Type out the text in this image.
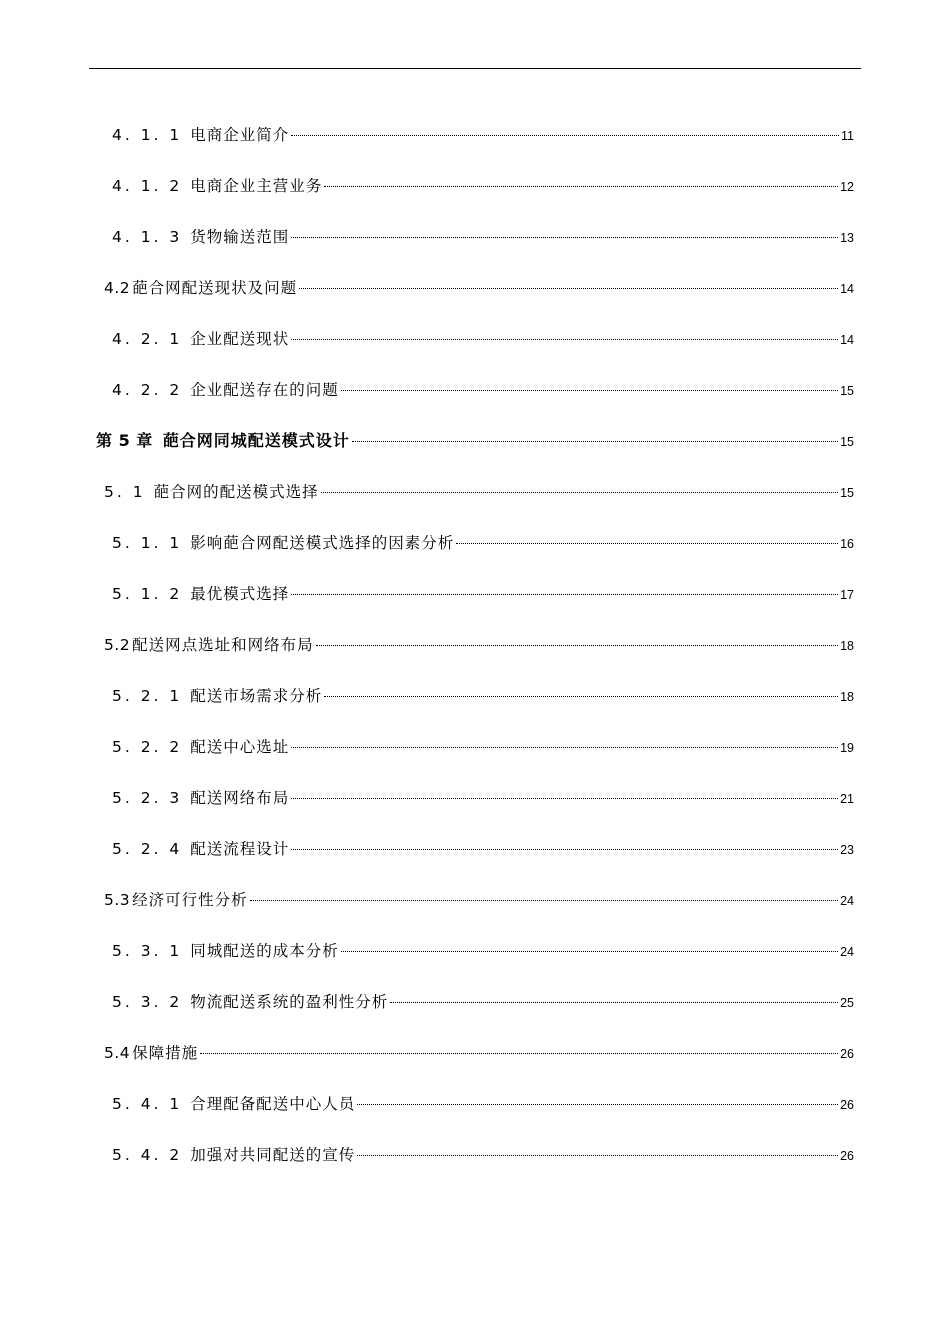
4. 1. 1 电商企业简介	11
4. 1. 2 电商企业主营业务	12
4. 1. 3 货物输送范围	13
4.2 葩合网配送现状及问题	14
4. 2. 1 企业配送现状	14
4. 2. 2 企业配送存在的问题	15
第 5 章 葩合网同城配送模式设计	15
5. 1 葩合网的配送模式选择	15
5. 1. 1 影响葩合网配送模式选择的因素分析	16
5. 1. 2 最优模式选择	17
5.2 配送网点选址和网络布局	18
5. 2. 1 配送市场需求分析	18
5. 2. 2 配送中心选址	19
5. 2. 3 配送网络布局	21
5. 2. 4 配送流程设计	23
5.3 经济可行性分析	24
5. 3. 1 同城配送的成本分析	24
5. 3. 2 物流配送系统的盈利性分析	25
5.4 保障措施	26
5. 4. 1 合理配备配送中心人员	26
5. 4. 2 加强对共同配送的宣传	26
